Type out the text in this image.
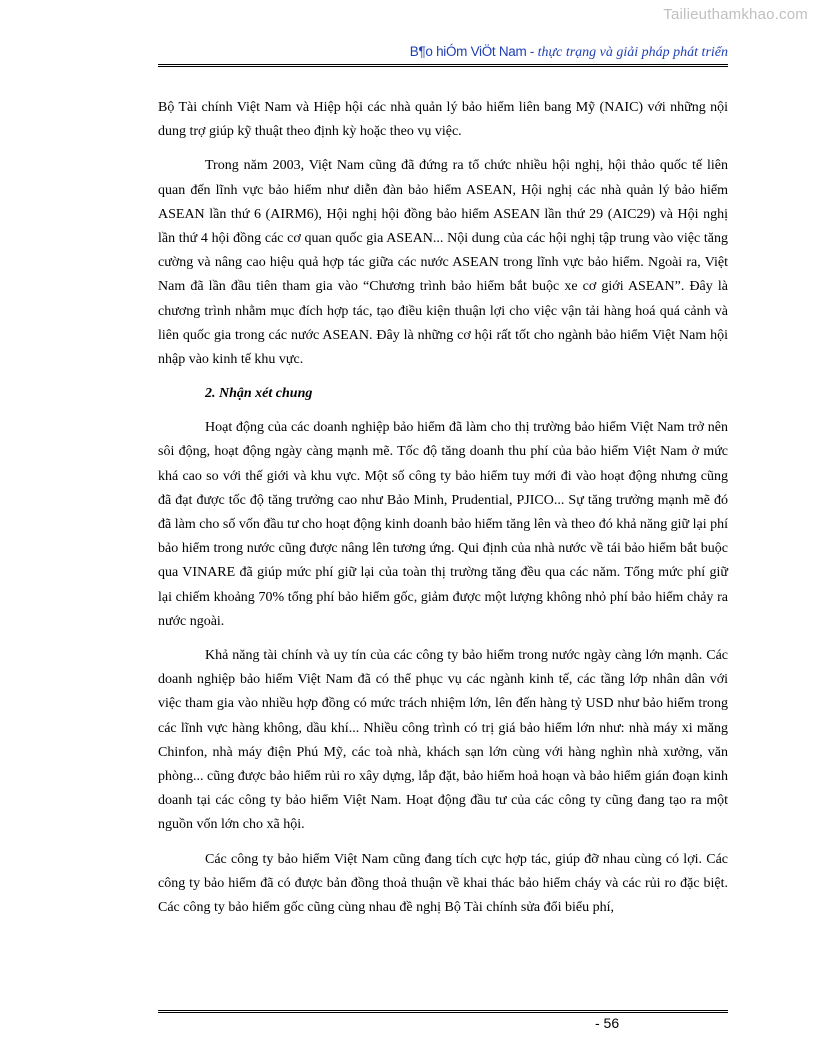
Tailieuthamkhao.com
B¶o hiÓm ViÖt Nam - thực trạng và giải pháp phát triển

Bộ Tài chính Việt Nam và Hiệp hội các nhà quản lý bảo hiểm liên bang Mỹ (NAIC) với những nội dung trợ giúp kỹ thuật theo định kỳ hoặc theo vụ việc.

Trong năm 2003, Việt Nam cũng đã đứng ra tổ chức nhiều hội nghị, hội thảo quốc tế liên quan đến lĩnh vực bảo hiểm như diễn đàn bảo hiểm ASEAN, Hội nghị các nhà quản lý bảo hiểm ASEAN lần thứ 6 (AIRM6), Hội nghị hội đồng bảo hiểm ASEAN lần thứ 29 (AIC29) và Hội nghị lần thứ 4 hội đồng các cơ quan quốc gia ASEAN... Nội dung của các hội nghị tập trung vào việc tăng cường và nâng cao hiệu quả hợp tác giữa các nước ASEAN trong lĩnh vực bảo hiểm. Ngoài ra, Việt Nam đã lần đầu tiên tham gia vào “Chương trình bảo hiểm bắt buộc xe cơ giới ASEAN”. Đây là chương trình nhằm mục đích hợp tác, tạo điều kiện thuận lợi cho việc vận tải hàng hoá quá cảnh và liên quốc gia trong các nước ASEAN. Đây là những cơ hội rất tốt cho ngành bảo hiểm Việt Nam hội nhập vào kinh tế khu vực.

2. Nhận xét chung

Hoạt động của các doanh nghiệp bảo hiểm đã làm cho thị trường bảo hiểm Việt Nam trở nên sôi động, hoạt động ngày càng mạnh mẽ. Tốc độ tăng doanh thu phí của bảo hiểm Việt Nam ở mức khá cao so với thế giới và khu vực. Một số công ty bảo hiểm tuy mới đi vào hoạt động nhưng cũng đã đạt được tốc độ tăng trưởng cao như Bảo Minh, Prudential, PJICO... Sự tăng trưởng mạnh mẽ đó đã làm cho số vốn đầu tư cho hoạt động kinh doanh bảo hiểm tăng lên và theo đó khả năng giữ lại phí bảo hiểm trong nước cũng được nâng lên tương ứng. Qui định của nhà nước về tái bảo hiểm bắt buộc qua VINARE đã giúp mức phí giữ lại của toàn thị trường tăng đều qua các năm. Tổng mức phí giữ lại chiếm khoảng 70% tổng phí bảo hiểm gốc, giảm được một lượng không nhỏ phí bảo hiểm chảy ra nước ngoài.

Khả năng tài chính và uy tín của các công ty bảo hiểm trong nước ngày càng lớn mạnh. Các doanh nghiệp bảo hiểm Việt Nam đã có thể phục vụ các ngành kinh tế, các tầng lớp nhân dân với việc tham gia vào nhiều hợp đồng có mức trách nhiệm lớn, lên đến hàng tỷ USD như bảo hiểm trong các lĩnh vực hàng không, dầu khí... Nhiều công trình có trị giá bảo hiểm lớn như: nhà máy xi măng Chinfon, nhà máy điện Phú Mỹ, các toà nhà, khách sạn lớn cùng với hàng nghìn nhà xưởng, văn phòng... cũng được bảo hiểm rủi ro xây dựng, lắp đặt, bảo hiểm hoả hoạn và bảo hiểm gián đoạn kinh doanh tại các công ty bảo hiểm Việt Nam. Hoạt động đầu tư của các công ty cũng đang tạo ra một nguồn vốn lớn cho xã hội.

Các công ty bảo hiểm Việt Nam cũng đang tích cực hợp tác, giúp đỡ nhau cùng có lợi. Các công ty bảo hiểm đã có được bản đồng thoả thuận về khai thác bảo hiểm cháy và các rủi ro đặc biệt. Các công ty bảo hiểm gốc cũng cùng nhau đề nghị Bộ Tài chính sửa đổi biểu phí,

- 56
